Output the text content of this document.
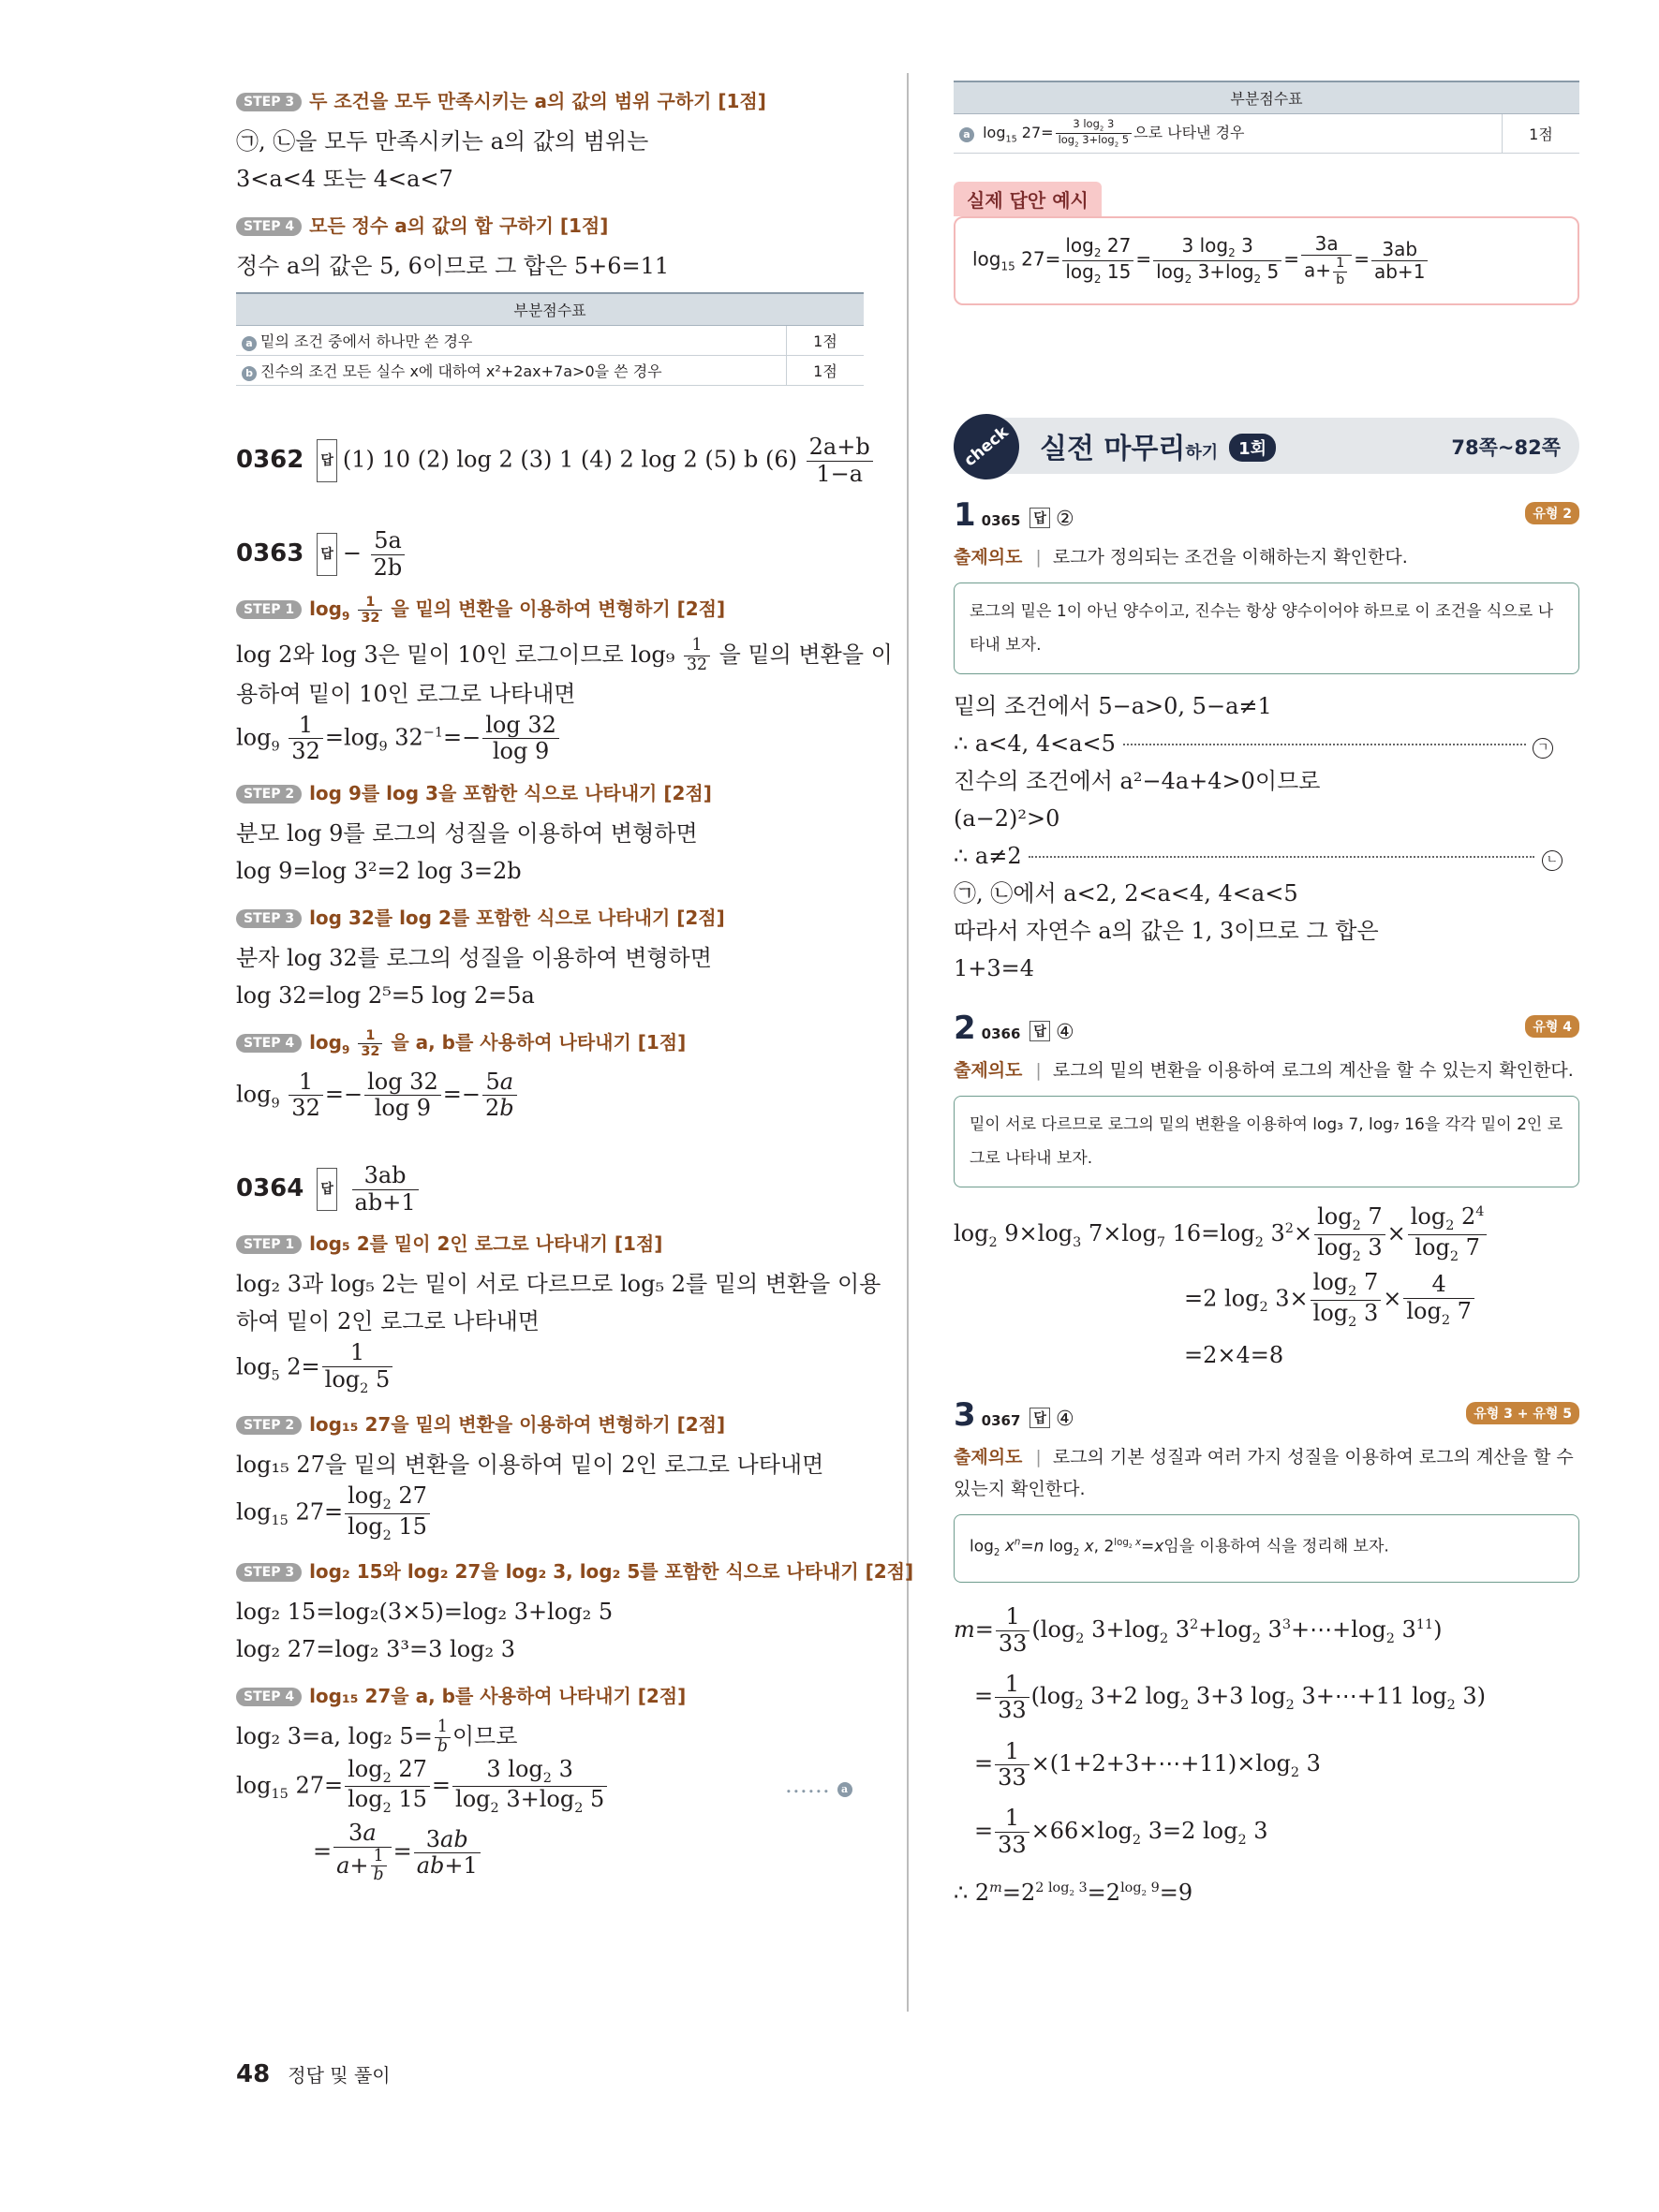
STEP 3 두 조건을 모두 만족시키는 a의 값의 범위 구하기 [1점]

㉠, ㉡을 모두 만족시키는 a의 값의 범위는

3<a<4 또는 4<a<7

STEP 4 모든 정수 a의 값의 합 구하기 [1점]

정수 a의 값은 5, 6이므로 그 합은 5+6=11

부분점수표	
a 밑의 조건 중에서 하나만 쓴 경우	1점
b 진수의 조건 모든 실수 x에 대하여 x²+2ax+7a>0을 쓴 경우	1점
0362 답 (1) 10 (2) log 2 (3) 1 (4) 2 log 2 (5) b $(6) \frac{2a+b}{1-a}$
0363 답 − $\frac{5a}{2b}$
STEP 1 $\log_9 \frac{1}{32}$ 을 밑의 변환을 이용하여 변형하기 [2점]

log 2와 log 3은 밑이 10인 로그이므로 $\log_9 \frac{1}{32}$ 을 밑의 변환을 이

용하여 밑이 10인 로그로 나타내면

$\log_9 \frac{1}{32} =\log_9$ $32^{-1}=- \frac{\log 32}{\log 9}$

STEP 2 log 9를 log 3을 포함한 식으로 나타내기 [2점]

분모 log 9를 로그의 성질을 이용하여 변형하면

log 9=log 3²=2 log 3=2b

STEP 3 log 32를 log 2를 포함한 식으로 나타내기 [2점]

분자 log 32를 로그의 성질을 이용하여 변형하면

log 32=log 2⁵=5 log 2=5a

STEP 4 $\log_9 \frac{1}{32}$ 을 a, b를 사용하여 나타내기 [1점]

$\log_9 \frac{1}{32} =- \frac{\log 32}{\log 9} =- \frac{5a}{2b}$

0364 답 $\frac{3ab}{ab+1}$
STEP 1 log₅ 2를 밑이 2인 로그로 나타내기 [1점]

log₂ 3과 log₅ 2는 밑이 서로 다르므로 log₅ 2를 밑의 변환을 이용

하여 밑이 2인 로그로 나타내면

$\log_5 2= \frac{1}{\log_2 5}$

STEP 2 log₁₅ 27을 밑의 변환을 이용하여 변형하기 [2점]

log₁₅ 27을 밑의 변환을 이용하여 밑이 2인 로그로 나타내면

$\log_{15} 27= \frac{\log_2 27}{\log_2 15}$

STEP 3 log₂ 15와 log₂ 27을 log₂ 3, log₂ 5를 포함한 식으로 나타내기 [2점]

log₂ 15=log₂(3×5)=log₂ 3+log₂ 5

log₂ 27=log₂ 3³=3 log₂ 3

STEP 4 log₁₅ 27을 a, b를 사용하여 나타내기 [2점]

log₂ 3=a, log₂ $5= \frac{1}{b}$ 이므로

$\log_{15} 27= \frac{\log_2 27}{\log_2 15} = \frac{3 \log_2 3}{\log_2 3+\log_2 5}$	…… a

= $\frac{3a}{a+ \frac{1}{b}} = \frac{3ab}{ab+1}$

부분점수표
a $\log_{15} 27= \frac{3 \log_2 3}{\log_2 3+\log_2 5}$ 으로 나타낸 경우	1점
실제 답안 예시
$\log_{15} 27= \frac{\log_2 27}{\log_2 15} = \frac{3 \log_2 3}{\log_2 3+\log_2 5} = \frac{3a}{a+ \frac{1}{b}} = \frac{3ab}{ab+1}$
check 실전 마무리하기 1회	78쪽~82쪽
1 0365 답 ②	유형 2
출제의도 | 로그가 정의되는 조건을 이해하는지 확인한다.
로그의 밑은 1이 아닌 양수이고, 진수는 항상 양수이어야 하므로 이 조건을 식으로 나타내 보자.

밑의 조건에서 5−a>0, 5−a≠1

∴ a<4, 4<a<5	ㄱ

진수의 조건에서 a²−4a+4>0이므로

(a−2)²>0

∴ a≠2	ㄴ

㉠, ㉡에서 a<2, 2<a<4, 4<a<5

따라서 자연수 a의 값은 1, 3이므로 그 합은

1+3=4

2 0366 답 ④	유형 4
출제의도 | 로그의 밑의 변환을 이용하여 로그의 계산을 할 수 있는지 확인한다.
밑이 서로 다르므로 로그의 밑의 변환을 이용하여 log₃ 7, log₇ 16을 각각 밑이 2인 로그로 나타내 보자.

$\log_2 9\times\log_3$ $7\times\log_7$ $16=\log_2$ $3^2\times \frac{\log_2 7}{\log_2 3} \times \frac{\log_2 2^4}{\log_2 7}$

=2 $\log_2 3\times \frac{\log_2 7}{\log_2 3} \times \frac{4}{\log_2 7}$

=2×4=8

3 0367 답 ④	유형 3 + 유형 5
출제의도 | 로그의 기본 성질과 여러 가지 성질을 이용하여 로그의 계산을 할 수 있는지 확인한다.
$\log_2 x^n=n$ $\log_2 x$, $2^{log_2 x}=x$임을 이용하여 식을 정리해 보자.

$m= \frac{1}{33} (\log_2$ $3+\log_2$ $3^2+\log_2$ $3^3+\cdots+\log_2$ $3^{11}$)

= $\frac{1}{33} (\log_2$ 3+2 $\log_2 3+3$ $\log_2$ 3+⋯+11 $\log_2 3$)

= $\frac{1}{33}$ $\times(1+2+3+\cdots+11)\times\log_2$ 3

= $\frac{1}{33} \times 66\times\log_2$ 3=2 $\log_2 3$

∴ $2^m=2^{2 log_2 3}=2^{log_2 9}=9$

48 정답 및 풀이
